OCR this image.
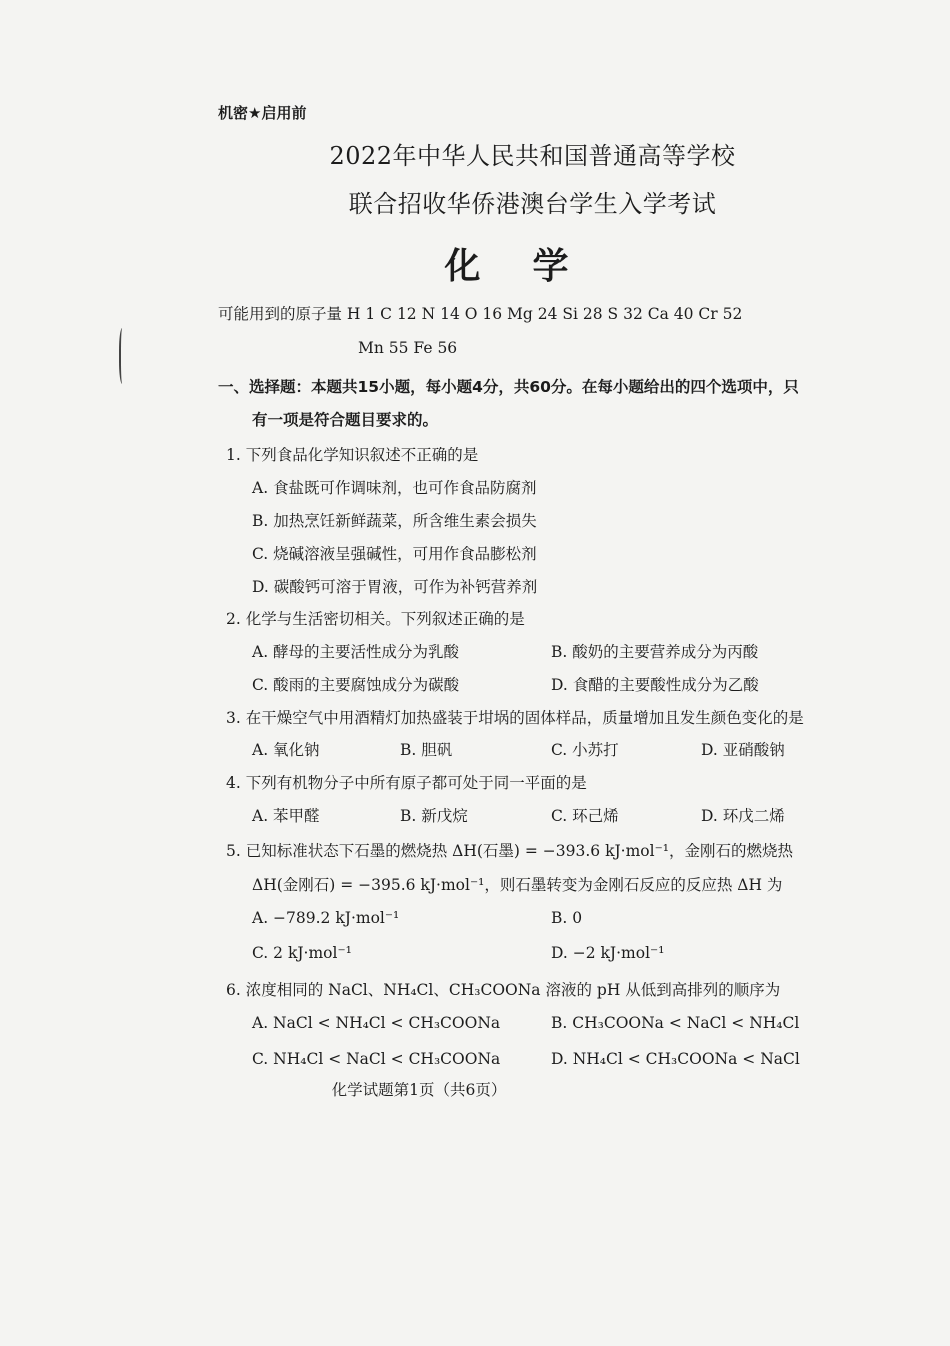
机密★启用前
2022年中华人民共和国普通高等学校
联合招收华侨港澳台学生入学考试
化学
可能用到的原子量 H 1 C 12 N 14 O 16 Mg 24 Si 28 S 32 Ca 40 Cr 52
Mn 55 Fe 56
一、选择题：本题共15小题，每小题4分，共60分。在每小题给出的四个选项中，只
有一项是符合题目要求的。
1. 下列食品化学知识叙述不正确的是
A. 食盐既可作调味剂，也可作食品防腐剂
B. 加热烹饪新鲜蔬菜，所含维生素会损失
C. 烧碱溶液呈强碱性，可用作食品膨松剂
D. 碳酸钙可溶于胃液，可作为补钙营养剂
2. 化学与生活密切相关。下列叙述正确的是
A. 酵母的主要活性成分为乳酸	B. 酸奶的主要营养成分为丙酸
C. 酸雨的主要腐蚀成分为碳酸	D. 食醋的主要酸性成分为乙酸
3. 在干燥空气中用酒精灯加热盛装于坩埚的固体样品，质量增加且发生颜色变化的是
A. 氧化钠	B. 胆矾	C. 小苏打	D. 亚硝酸钠
4. 下列有机物分子中所有原子都可处于同一平面的是
A. 苯甲醛	B. 新戊烷	C. 环己烯	D. 环戊二烯
5. 已知标准状态下石墨的燃烧热 ΔH(石墨) = −393.6 kJ·mol⁻¹，金刚石的燃烧热
ΔH(金刚石) = −395.6 kJ·mol⁻¹，则石墨转变为金刚石反应的反应热 ΔH 为
A. −789.2 kJ·mol⁻¹	B. 0
C. 2 kJ·mol⁻¹	D. −2 kJ·mol⁻¹
6. 浓度相同的 NaCl、NH₄Cl、CH₃COONa 溶液的 pH 从低到高排列的顺序为
A. NaCl < NH₄Cl < CH₃COONa	B. CH₃COONa < NaCl < NH₄Cl
C. NH₄Cl < NaCl < CH₃COONa	D. NH₄Cl < CH₃COONa < NaCl
化学试题第1页（共6页）
